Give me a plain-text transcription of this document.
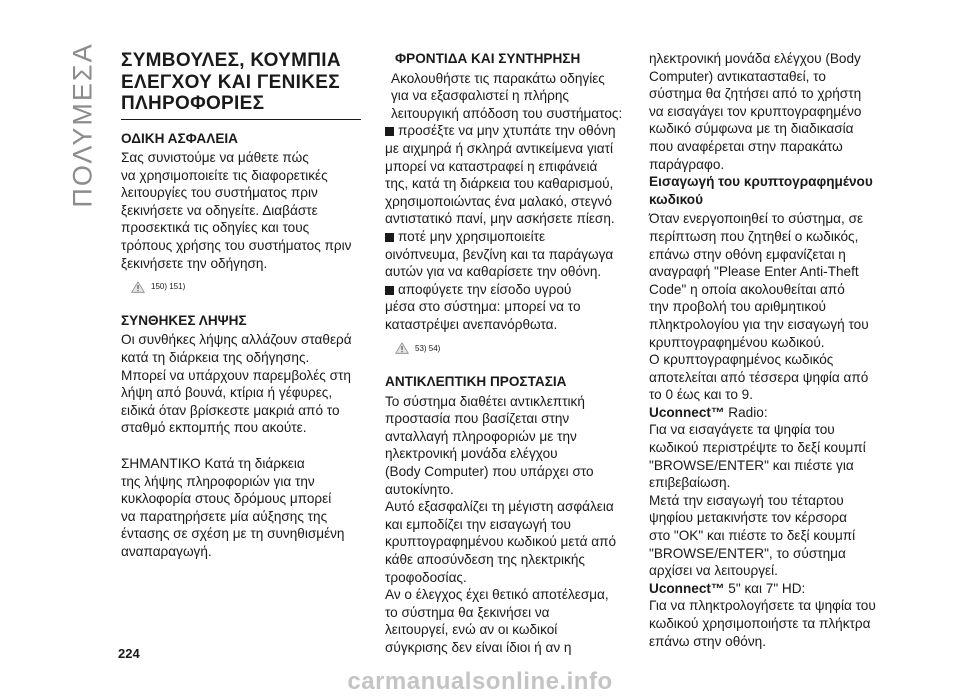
ΠΟΛΥΜΕΣΑ ΣΥΜΒΟΥΛΕΣ, ΚΟΥΜΠΙΑ
ΕΛΕΓΧΟΥ ΚΑΙ ΓΕΝΙΚΕΣ
ΠΛΗΡΟΦΟΡΙΕΣ
ΟΔΙΚΗ ΑΣΦΑΛΕΙΑ

Σας συνιστούμε να μάθετε πώς
να χρησιμοποιείτε τις διαφορετικές
λειτουργίες του συστήματος πριν
ξεκινήσετε να οδηγείτε. Διαβάστε
προσεκτικά τις οδηγίες και τους
τρόπους χρήσης του συστήματος πριν
ξεκινήσετε την οδήγηση.

150) 151)
ΣΥΝΘΗΚΕΣ ΛΗΨΗΣ

Οι συνθήκες λήψης αλλάζουν σταθερά
κατά τη διάρκεια της οδήγησης.
Μπορεί να υπάρχουν παρεμβολές στη
λήψη από βουνά, κτίρια ή γέφυρες,
ειδικά όταν βρίσκεστε μακριά από το
σταθμό εκπομπής που ακούτε.

ΣΗΜΑΝΤΙΚΟ Κατά τη διάρκεια
της λήψης πληροφοριών για την
κυκλοφορία στους δρόμους μπορεί
να παρατηρήσετε μία αύξησης της
έντασης σε σχέση με τη συνηθισμένη
αναπαραγωγή.

ΦΡΟΝΤΙΔΑ ΚΑΙ ΣΥΝΤΗΡΗΣΗ

Ακολουθήστε τις παρακάτω οδηγίες
για να εξασφαλιστεί η πλήρης
λειτουργική απόδοση του συστήματος:

προσέξτε να μην χτυπάτε την οθόνη
με αιχμηρά ή σκληρά αντικείμενα γιατί
μπορεί να καταστραφεί η επιφάνειά
της, κατά τη διάρκεια του καθαρισμού,
χρησιμοποιώντας ένα μαλακό, στεγνό
αντιστατικό πανί, μην ασκήσετε πίεση.

ποτέ μην χρησιμοποιείτε
οινόπνευμα, βενζίνη και τα παράγωγα
αυτών για να καθαρίσετε την οθόνη.

αποφύγετε την είσοδο υγρού
μέσα στο σύστημα: μπορεί να το
καταστρέψει ανεπανόρθωτα.

53) 54)
ΑΝΤΙΚΛΕΠΤΙΚΗ ΠΡΟΣΤΑΣΙΑ

Το σύστημα διαθέτει αντικλεπτική
προστασία που βασίζεται στην
ανταλλαγή πληροφοριών με την
ηλεκτρονική μονάδα ελέγχου
(Body Computer) που υπάρχει στο
αυτοκίνητο.

Αυτό εξασφαλίζει τη μέγιστη ασφάλεια
και εμποδίζει την εισαγωγή του
κρυπτογραφημένου κωδικού μετά από
κάθε αποσύνδεση της ηλεκτρικής
τροφοδοσίας.

Αν ο έλεγχος έχει θετικό αποτέλεσμα,
το σύστημα θα ξεκινήσει να
λειτουργεί, ενώ αν οι κωδικοί
σύγκρισης δεν είναι ίδιοι ή αν η

ηλεκτρονική μονάδα ελέγχου (Body
Computer) αντικατασταθεί, το
σύστημα θα ζητήσει από το χρήστη
να εισαγάγει τον κρυπτογραφημένο
κωδικό σύμφωνα με τη διαδικασία
που αναφέρεται στην παρακάτω
παράγραφο.

Εισαγωγή του κρυπτογραφημένου
κωδικού

Όταν ενεργοποιηθεί το σύστημα, σε
περίπτωση που ζητηθεί ο κωδικός,
επάνω στην οθόνη εμφανίζεται η
αναγραφή "Please Enter Anti-Theft
Code" η οποία ακολουθείται από
την προβολή του αριθμητικού
πληκτρολογίου για την εισαγωγή του
κρυπτογραφημένου κωδικού.

Ο κρυπτογραφημένος κωδικός
αποτελείται από τέσσερα ψηφία από
το 0 έως και το 9.

Uconnect™ Radio:

Για να εισαγάγετε τα ψηφία του
κωδικού περιστρέψτε το δεξί κουμπί
"BROWSE/ENTER" και πιέστε για
επιβεβαίωση.
Μετά την εισαγωγή του τέταρτου
ψηφίου μετακινήστε τον κέρσορα
στο "OK" και πιέστε το δεξί κουμπί
"BROWSE/ENTER", το σύστημα
αρχίσει να λειτουργεί.

Uconnect™ 5" και 7" HD:

Για να πληκτρολογήσετε τα ψηφία του
κωδικού χρησιμοποιήστε τα πλήκτρα
επάνω στην οθόνη.

224
carmanualsonline.info
